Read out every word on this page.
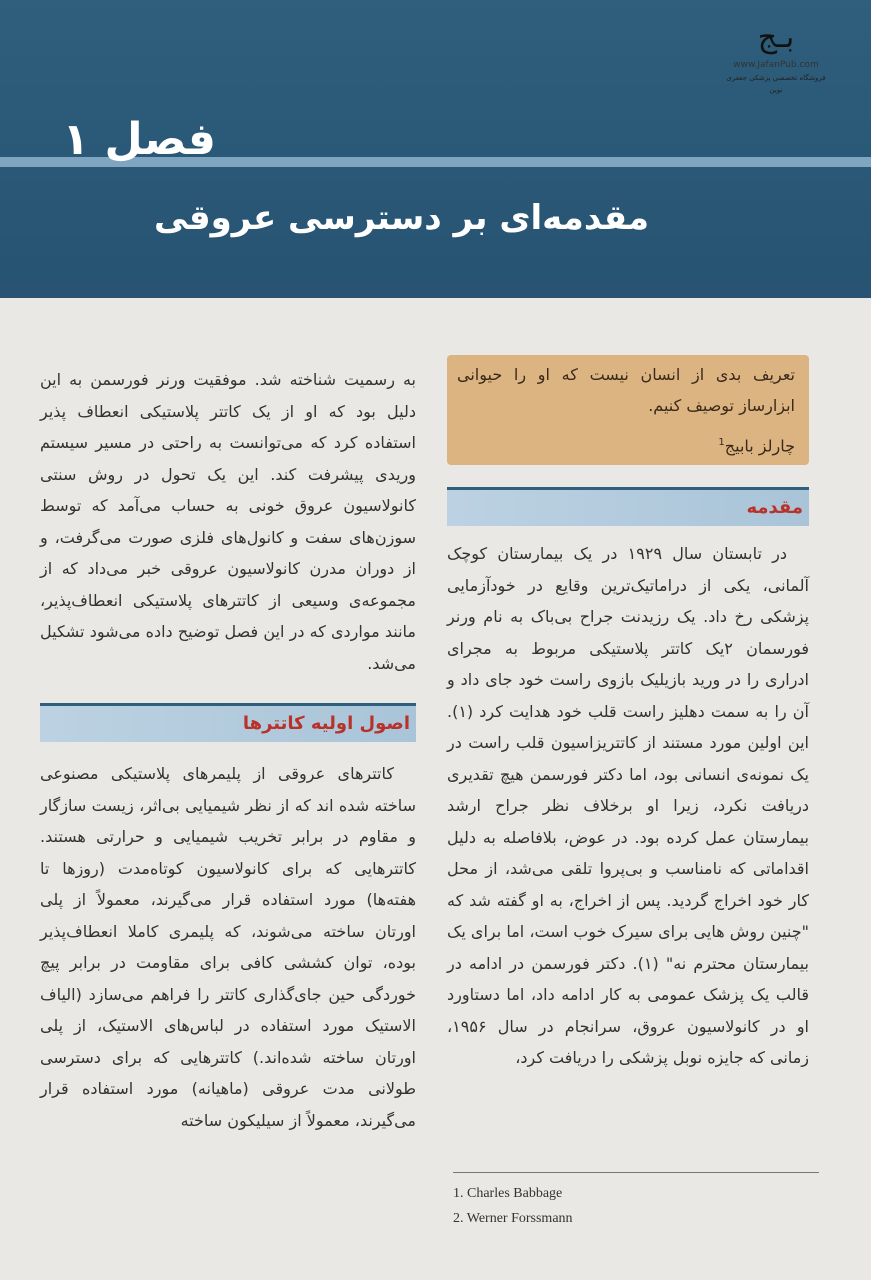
بـج
www.JafanPub.com
فروشگاه تخصصی پزشکی جعفری نوین
فصل ۱
مقدمه‌ای بر دسترسی عروقی
تعریف بدی از انسان نیست که او را حیوانی ابزارساز توصیف کنیم.
چارلز بابیج$^1$
مقدمه

در تابستان سال ۱۹۲۹ در یک بیمارستان کوچک آلمانی، یکی از دراماتیک‌ترین وقایع در خودآزمایی پزشکی رخ داد. یک رزیدنت جراح بی‌باک به نام ورنر فورسمان ۲یک کاتتر پلاستیکی مربوط به مجرای ادراری را در ورید بازیلیک بازوی راست خود جای داد و آن را به سمت دهلیز راست قلب خود هدایت کرد (۱). این اولین مورد مستند از کاتتریزاسیون قلب راست در یک نمونه‌ی انسانی بود، اما دکتر فورسمن هیچ تقدیری دریافت نکرد، زیرا او برخلاف نظر جراح ارشد بیمارستان عمل کرده بود. در عوض، بلافاصله به دلیل اقداماتی که نامناسب و بی‌پروا تلقی می‌شد، از محل کار خود اخراج گردید. پس از اخراج، به او گفته شد که "چنین روش هایی برای سیرک خوب است، اما برای یک بیمارستان محترم نه" (۱). دکتر فورسمن در ادامه در قالب یک پزشک عمومی به کار ادامه داد، اما دستاورد او در کانولاسیون عروق، سرانجام در سال ۱۹۵۶، زمانی که جایزه نوبل پزشکی را دریافت کرد،

به رسمیت شناخته شد. موفقیت ورنر فورسمن به این دلیل بود که او از یک کاتتر پلاستیکی انعطاف پذیر استفاده کرد که می‌توانست به راحتی در مسیر سیستم وریدی پیشرفت کند. این یک تحول در روش سنتی کانولاسیون عروق خونی به حساب می‌آمد که توسط سوزن‌های سفت و کانول‌های فلزی صورت می‌گرفت، و از دوران مدرن کانولاسیون عروقی خبر می‌داد که از مجموعه‌ی وسیعی از کاتترهای پلاستیکی انعطاف‌پذیر، مانند مواردی که در این فصل توضیح داده می‌شود تشکیل می‌شد.

اصول اولیه کاتترها

کاتترهای عروقی از پلیمرهای پلاستیکی مصنوعی ساخته شده اند که از نظر شیمیایی بی‌اثر، زیست سازگار و مقاوم در برابر تخریب شیمیایی و حرارتی هستند. کاتترهایی که برای کانولاسیون کوتاه‌مدت (روزها تا هفته‌ها) مورد استفاده قرار می‌گیرند، معمولاً از پلی اورتان ساخته می‌شوند، که پلیمری کاملا انعطاف‌پذیر بوده، توان کششی کافی برای مقاومت در برابر پیچ خوردگی حین جای‌گذاری کاتتر را فراهم می‌سازد (الیاف الاستیک مورد استفاده در لباس‌های الاستیک، از پلی اورتان ساخته شده‌اند.) کاتترهایی که برای دسترسی طولانی مدت عروقی (ماهیانه) مورد استفاده قرار می‌گیرند، معمولاً از سیلیکون ساخته

1. Charles Babbage
2. Werner Forssmann
